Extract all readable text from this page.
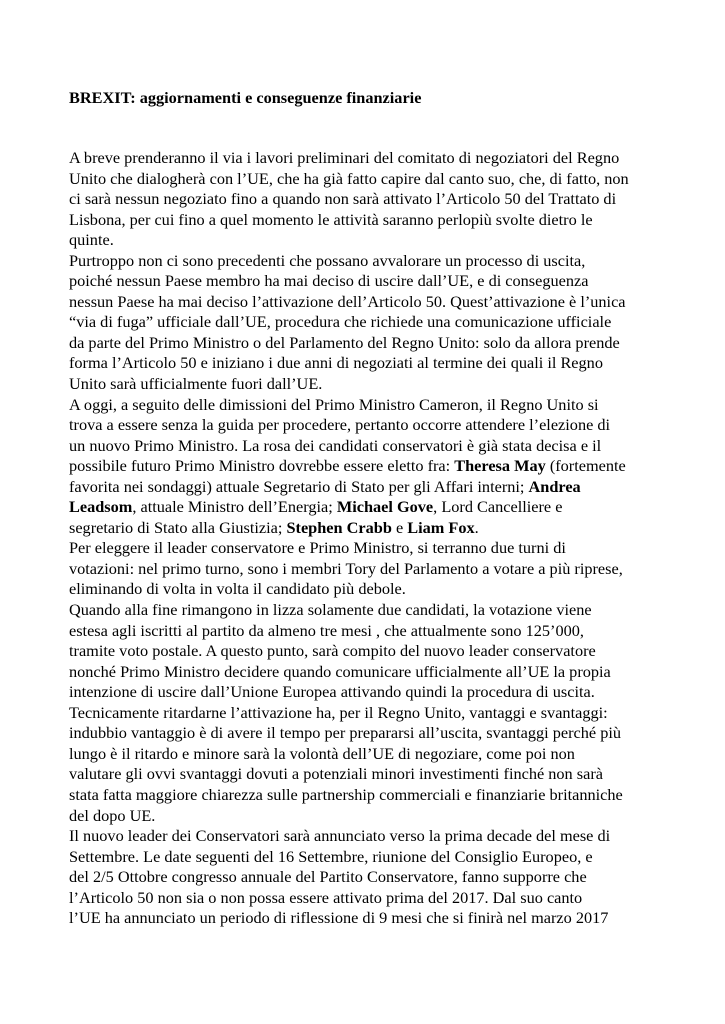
BREXIT: aggiornamenti e conseguenze finanziarie
A breve prenderanno il via i lavori preliminari del comitato di negoziatori del Regno
Unito che dialogherà con l’UE, che ha già fatto capire dal canto suo, che, di fatto, non
ci sarà nessun negoziato fino a quando non sarà attivato l’Articolo 50 del Trattato di
Lisbona, per cui fino a quel momento le attività saranno perlopiù svolte dietro le
quinte.
Purtroppo non ci sono precedenti che possano avvalorare un processo di uscita,
poiché nessun Paese membro ha mai deciso di uscire dall’UE, e di conseguenza
nessun Paese ha mai deciso l’attivazione dell’Articolo 50. Quest’attivazione è l’unica
“via di fuga” ufficiale dall’UE, procedura che richiede una comunicazione ufficiale
da parte del Primo Ministro o del Parlamento del Regno Unito: solo da allora prende
forma l’Articolo 50 e iniziano i due anni di negoziati al termine dei quali il Regno
Unito sarà ufficialmente fuori dall’UE.
A oggi, a seguito delle dimissioni del Primo Ministro Cameron, il Regno Unito si
trova a essere senza la guida per procedere, pertanto occorre attendere l’elezione di
un nuovo Primo Ministro. La rosa dei candidati conservatori è già stata decisa e il
possibile futuro Primo Ministro dovrebbe essere eletto fra: Theresa May (fortemente
favorita nei sondaggi) attuale Segretario di Stato per gli Affari interni; Andrea
Leadsom, attuale Ministro dell’Energia; Michael Gove, Lord Cancelliere e
segretario di Stato alla Giustizia; Stephen Crabb e Liam Fox.
Per eleggere il leader conservatore e Primo Ministro, si terranno due turni di
votazioni: nel primo turno, sono i membri Tory del Parlamento a votare a più riprese,
eliminando di volta in volta il candidato più debole.
Quando alla fine rimangono in lizza solamente due candidati, la votazione viene
estesa agli iscritti al partito da almeno tre mesi , che attualmente sono 125’000,
tramite voto postale. A questo punto, sarà compito del nuovo leader conservatore
nonché Primo Ministro decidere quando comunicare ufficialmente all’UE la propia
intenzione di uscire dall’Unione Europea attivando quindi la procedura di uscita.
Tecnicamente ritardarne l’attivazione ha, per il Regno Unito, vantaggi e svantaggi:
indubbio vantaggio è di avere il tempo per prepararsi all’uscita, svantaggi perché più
lungo è il ritardo e minore sarà la volontà dell’UE di negoziare, come poi non
valutare gli ovvi svantaggi dovuti a potenziali minori investimenti finché non sarà
stata fatta maggiore chiarezza sulle partnership commerciali e finanziarie britanniche
del dopo UE.
Il nuovo leader dei Conservatori sarà annunciato verso la prima decade del mese di
Settembre. Le date seguenti del 16 Settembre, riunione del Consiglio Europeo, e
del 2/5 Ottobre congresso annuale del Partito Conservatore, fanno supporre che
l’Articolo 50 non sia o non possa essere attivato prima del 2017. Dal suo canto
l’UE ha annunciato un periodo di riflessione di 9 mesi che si finirà nel marzo 2017
